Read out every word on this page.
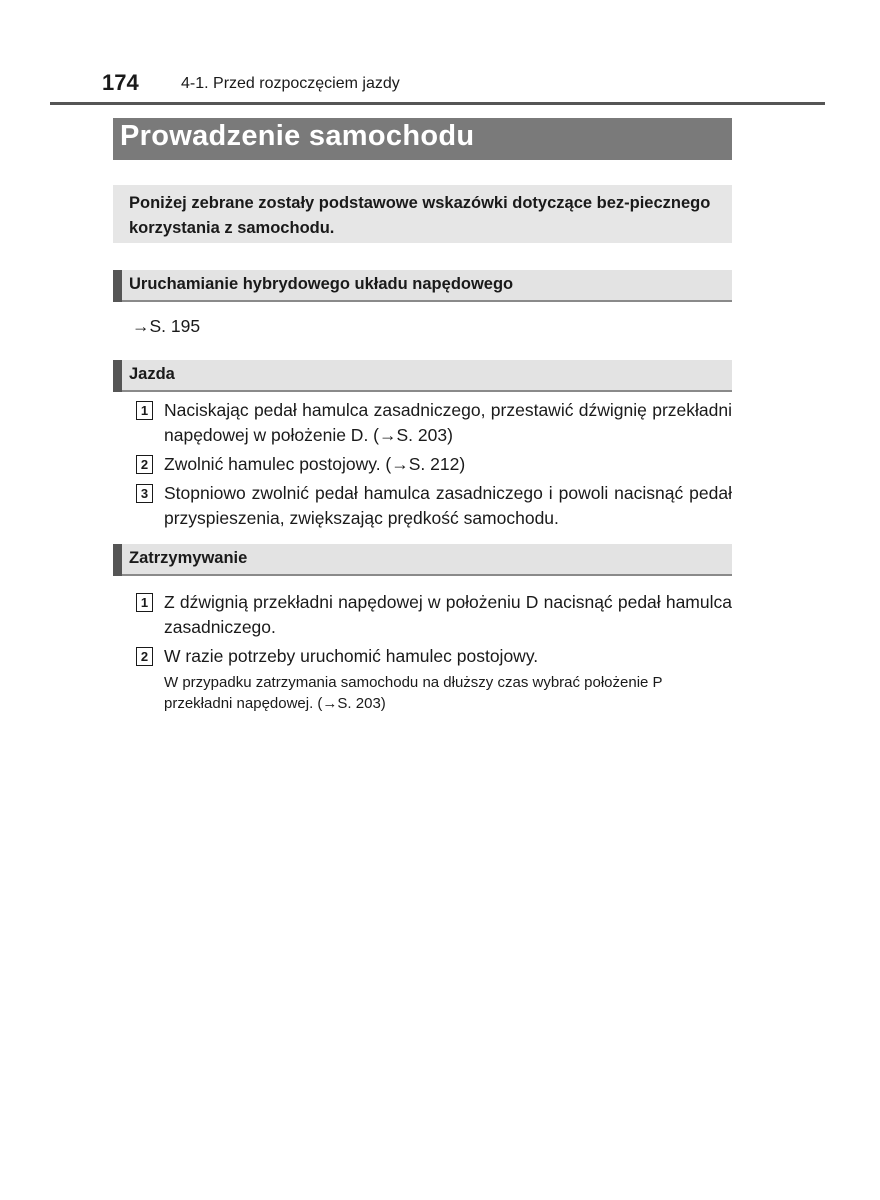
174	4-1. Przed rozpoczęciem jazdy
Prowadzenie samochodu
Poniżej zebrane zostały podstawowe wskazówki dotyczące bez-piecznego korzystania z samochodu.
Uruchamianie hybrydowego układu napędowego
→S. 195
Jazda
1 Naciskając pedał hamulca zasadniczego, przestawić dźwignię przekładni napędowej w położenie D. (→S. 203)
2 Zwolnić hamulec postojowy. (→S. 212)
3 Stopniowo zwolnić pedał hamulca zasadniczego i powoli nacisnąć pedał przyspieszenia, zwiększając prędkość samochodu.
Zatrzymywanie
1 Z dźwignią przekładni napędowej w położeniu D nacisnąć pedał hamulca zasadniczego.
2 W razie potrzeby uruchomić hamulec postojowy.
W przypadku zatrzymania samochodu na dłuższy czas wybrać położenie P przekładni napędowej. (→S. 203)
